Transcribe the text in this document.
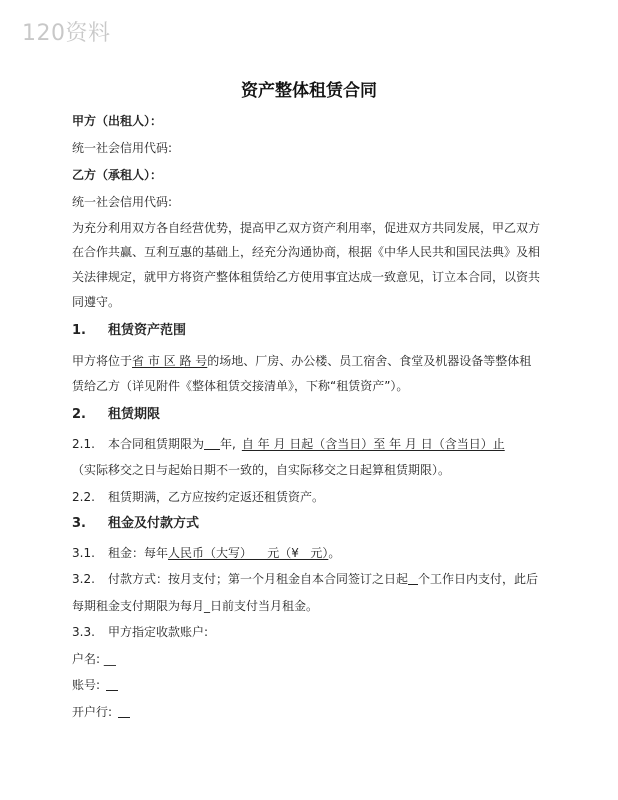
120资料
资产整体租赁合同
甲方（出租人）：
统一社会信用代码:
乙方（承租人）：
统一社会信用代码:
为充分利用双方各自经营优势，提高甲乙双方资产利用率，促进双方共同发展，甲乙双方
在合作共赢、互利互惠的基础上，经充分沟通协商，根据《中华人民共和国民法典》及相
关法律规定，就甲方将资产整体租赁给乙方使用事宜达成一致意见，订立本合同，以资共
同遵守。
1. 租赁资产范围
甲方将位于省 市 区 路 号的场地、厂房、办公楼、员工宿舍、食堂及机器设备等整体租
赁给乙方（详见附件《整体租赁交接清单》，下称“租赁资产”）。
2. 租赁期限
2.1. 本合同租赁期限为 年, 自 年 月 日起（含当日）至 年 月 日（含当日）止
（实际移交之日与起始日期不一致的，自实际移交之日起算租赁期限）。
2.2. 租赁期满，乙方应按约定返还租赁资产。
3. 租金及付款方式
3.1. 租金：每年人民币（大写）    元（¥   元）。
3.2. 付款方式：按月支付；第一个月租金自本合同签订之日起 个工作日内支付，此后
每期租金支付期限为每月_日前支付当月租金。
3.3. 甲方指定收款账户:
户名: __
账号:
开户行:
